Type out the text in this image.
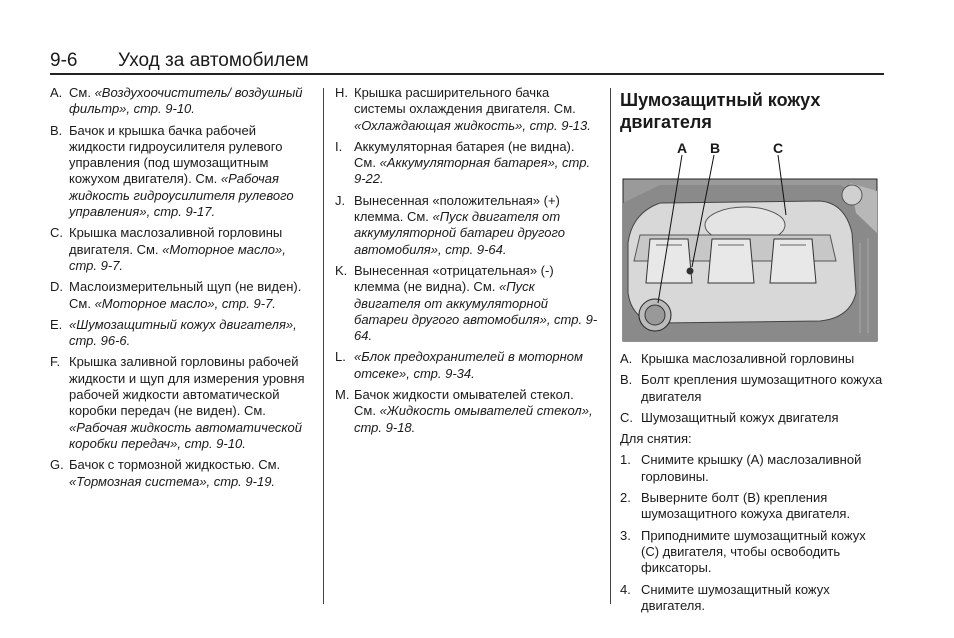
9-6 Уход за автомобилем
A. См. «Воздухоочиститель/ воздушный фильтр», стр. 9-10.
B. Бачок и крышка бачка рабочей жидкости гидроусилителя рулевого управления (под шумозащитным кожухом двигателя). См. «Рабочая жидкость гидроусилителя рулевого управления», стр. 9-17.
C. Крышка маслозаливной горловины двигателя. См. «Моторное масло», стр. 9-7.
D. Маслоизмерительный щуп (не виден). См. «Моторное масло», стр. 9-7.
E. «Шумозащитный кожух двигателя», стр. 96-6.
F. Крышка заливной горловины рабочей жидкости и щуп для измерения уровня рабочей жидкости автоматической коробки передач (не виден). См. «Рабочая жидкость автоматической коробки передач», стр. 9-10.
G. Бачок с тормозной жидкостью. См. «Тормозная система», стр. 9-19.
H. Крышка расширительного бачка системы охлаждения двигателя. См. «Охлаждающая жидкость», стр. 9-13.
I. Аккумуляторная батарея (не видна). См. «Аккумуляторная батарея», стр. 9-22.
J. Вынесенная «положительная» (+) клемма. См. «Пуск двигателя от аккумуляторной батареи другого автомобиля», стр. 9-64.
K. Вынесенная «отрицательная» (-) клемма (не видна). См. «Пуск двигателя от аккумуляторной батареи другого автомобиля», стр. 9-64.
L. «Блок предохранителей в моторном отсеке», стр. 9-34.
M. Бачок жидкости омывателей стекол. См. «Жидкость омывателей стекол», стр. 9-18.
Шумозащитный кожух двигателя
A B	C
A. Крышка маслозаливной горловины
B. Болт крепления шумозащитного кожуха двигателя
C. Шумозащитный кожух двигателя

Для снятия:

1. Снимите крышку (A) маслозаливной горловины.
2. Выверните болт (B) крепления шумозащитного кожуха двигателя.
3. Приподнимите шумозащитный кожух (C) двигателя, чтобы освободить фиксаторы.
4. Снимите шумозащитный кожух двигателя.
